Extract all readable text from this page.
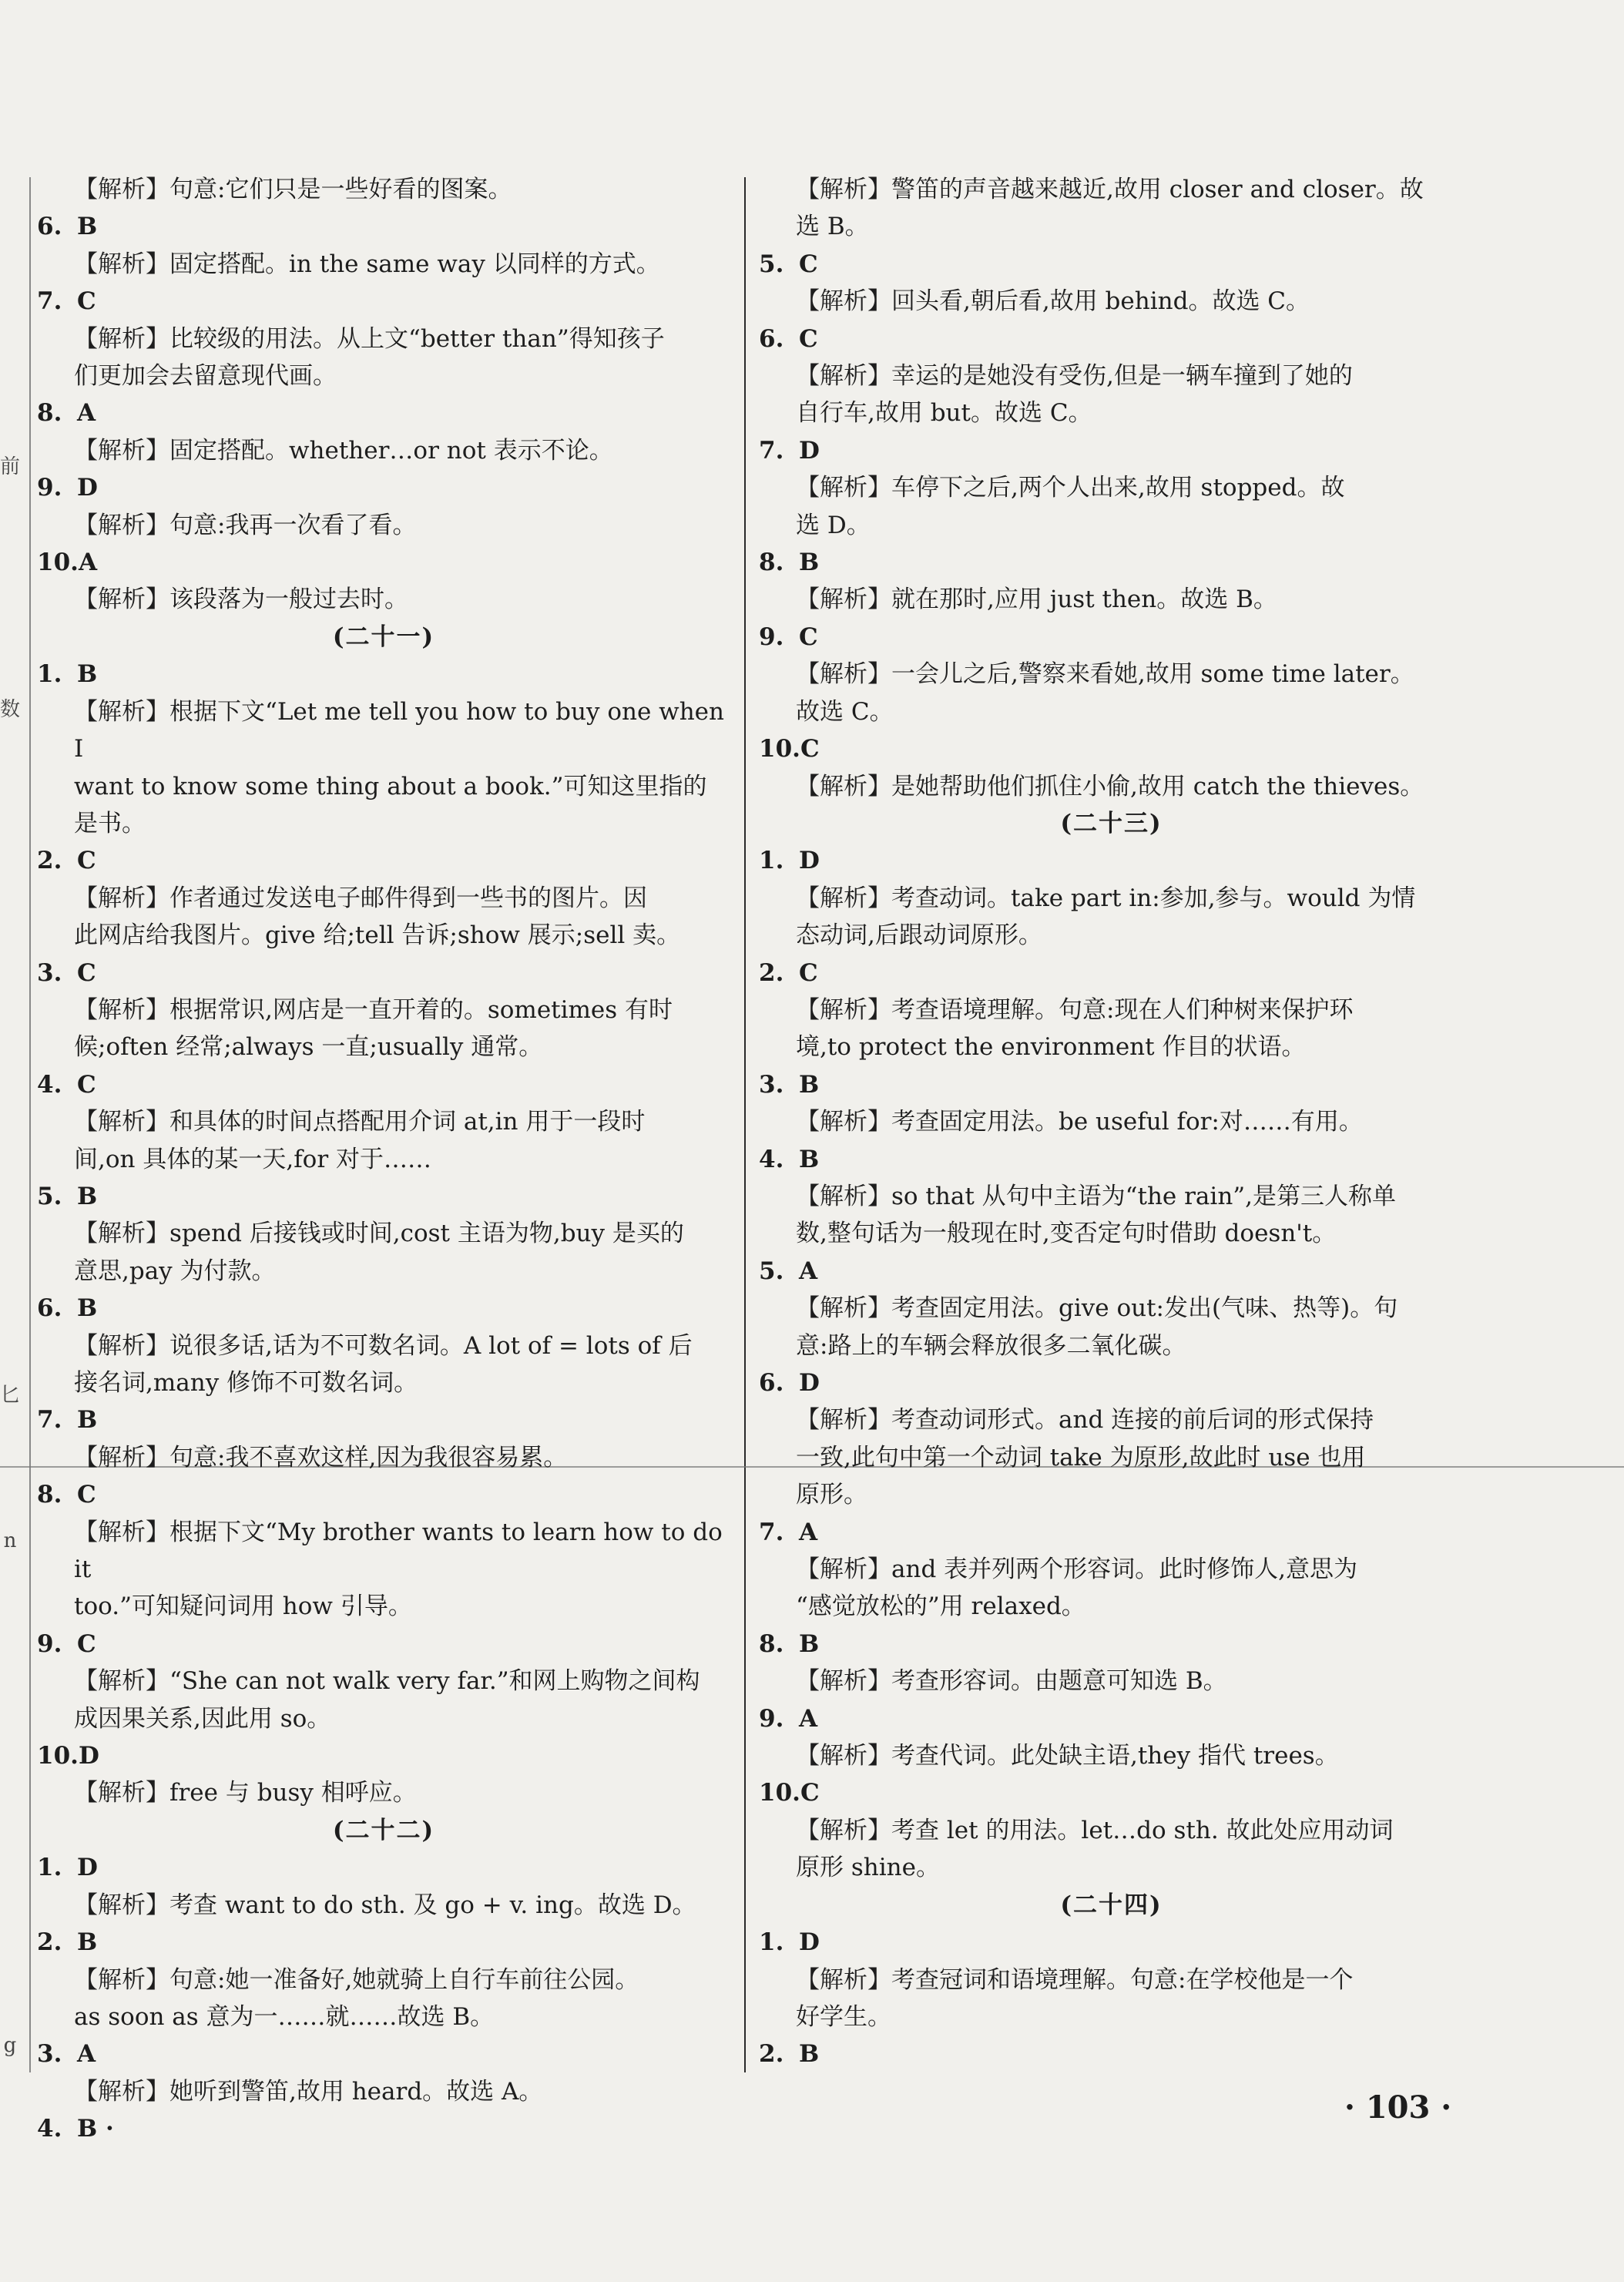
前
数
匕
n
g
【解析】句意:它们只是一些好看的图案。
6. B
【解析】固定搭配。in the same way 以同样的方式。
7. C
【解析】比较级的用法。从上文“better than”得知孩子
们更加会去留意现代画。
8. A
【解析】固定搭配。whether…or not 表示不论。
9. D
【解析】句意:我再一次看了看。
10.A
【解析】该段落为一般过去时。
(二十一)
1. B
【解析】根据下文“Let me tell you how to buy one when I
want to know some thing about a book.”可知这里指的
是书。
2. C
【解析】作者通过发送电子邮件得到一些书的图片。因
此网店给我图片。give 给;tell 告诉;show 展示;sell 卖。
3. C
【解析】根据常识,网店是一直开着的。sometimes 有时
候;often 经常;always 一直;usually 通常。
4. C
【解析】和具体的时间点搭配用介词 at,in 用于一段时
间,on 具体的某一天,for 对于……
5. B
【解析】spend 后接钱或时间,cost 主语为物,buy 是买的
意思,pay 为付款。
6. B
【解析】说很多话,话为不可数名词。A lot of = lots of 后
接名词,many 修饰不可数名词。
7. B
【解析】句意:我不喜欢这样,因为我很容易累。
8. C
【解析】根据下文“My brother wants to learn how to do it
too.”可知疑问词用 how 引导。
9. C
【解析】“She can not walk very far.”和网上购物之间构
成因果关系,因此用 so。
10.D
【解析】free 与 busy 相呼应。
(二十二)
1. D
【解析】考查 want to do sth. 及 go + v. ing。故选 D。
2. B
【解析】句意:她一准备好,她就骑上自行车前往公园。
as soon as 意为一……就……故选 B。
3. A
【解析】她听到警笛,故用 heard。故选 A。
4. B ·
【解析】警笛的声音越来越近,故用 closer and closer。故
选 B。
5. C
【解析】回头看,朝后看,故用 behind。故选 C。
6. C
【解析】幸运的是她没有受伤,但是一辆车撞到了她的
自行车,故用 but。故选 C。
7. D
【解析】车停下之后,两个人出来,故用 stopped。故
选 D。
8. B
【解析】就在那时,应用 just then。故选 B。
9. C
【解析】一会儿之后,警察来看她,故用 some time later。
故选 C。
10.C
【解析】是她帮助他们抓住小偷,故用 catch the thieves。
(二十三)
1. D
【解析】考查动词。take part in:参加,参与。would 为情
态动词,后跟动词原形。
2. C
【解析】考查语境理解。句意:现在人们种树来保护环
境,to protect the environment 作目的状语。
3. B
【解析】考查固定用法。be useful for:对……有用。
4. B
【解析】so that 从句中主语为“the rain”,是第三人称单
数,整句话为一般现在时,变否定句时借助 doesn't。
5. A
【解析】考查固定用法。give out:发出(气味、热等)。句
意:路上的车辆会释放很多二氧化碳。
6. D
【解析】考查动词形式。and 连接的前后词的形式保持
一致,此句中第一个动词 take 为原形,故此时 use 也用
原形。
7. A
【解析】and 表并列两个形容词。此时修饰人,意思为
“感觉放松的”用 relaxed。
8. B
【解析】考查形容词。由题意可知选 B。
9. A
【解析】考查代词。此处缺主语,they 指代 trees。
10.C
【解析】考查 let 的用法。let…do sth. 故此处应用动词
原形 shine。
(二十四)
1. D
【解析】考查冠词和语境理解。句意:在学校他是一个
好学生。
2. B
· 103 ·
